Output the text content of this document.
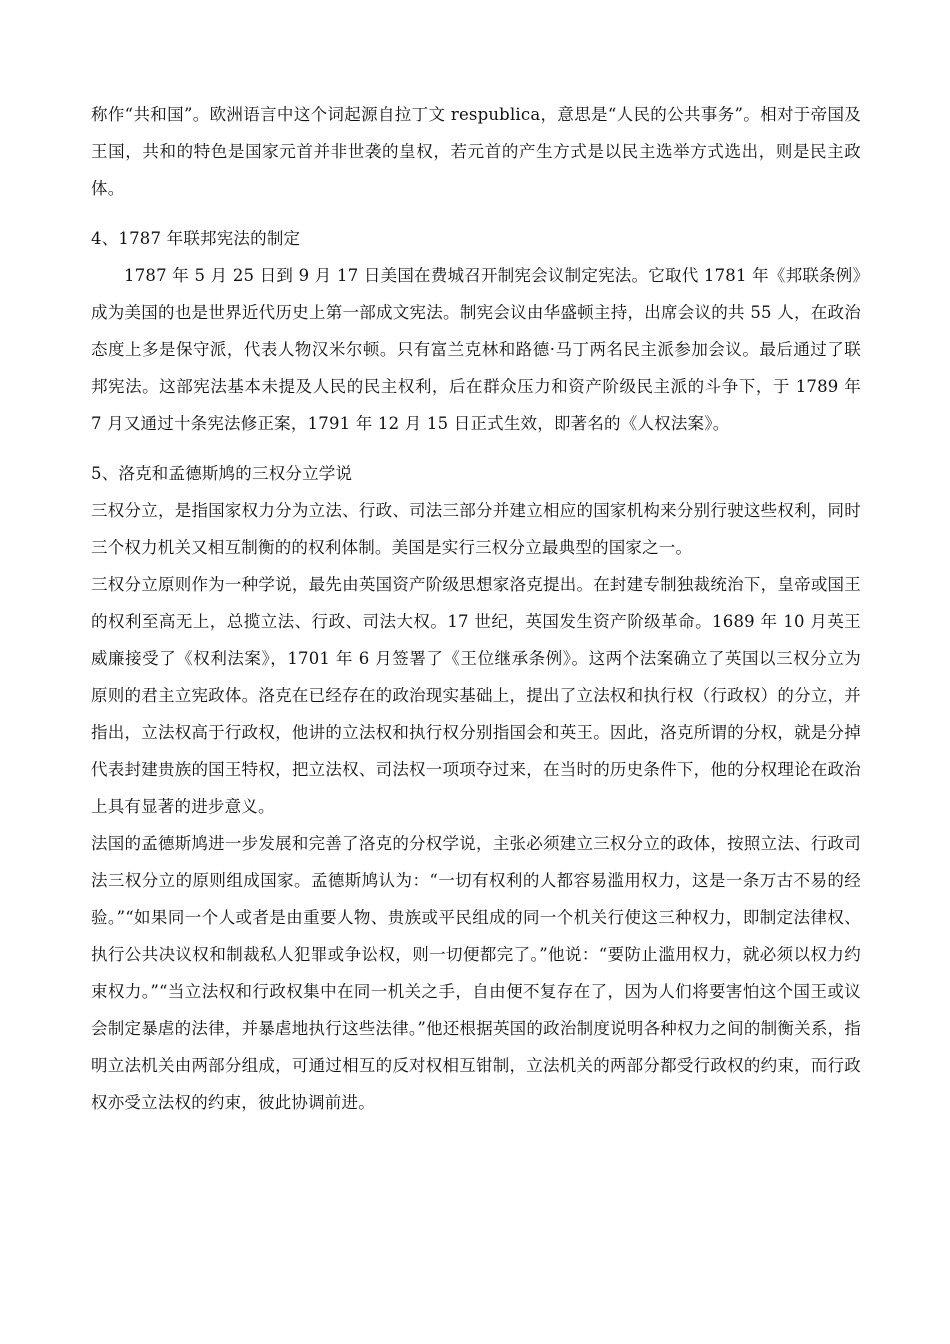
称作“共和国”。欧洲语言中这个词起源自拉丁文 respublica，意思是“人民的公共事务”。相对于帝国及王国，共和的特色是国家元首并非世袭的皇权，若元首的产生方式是以民主选举方式选出，则是民主政体。

4、1787 年联邦宪法的制定

1787 年 5 月 25 日到 9 月 17 日美国在费城召开制宪会议制定宪法。它取代 1781 年《邦联条例》成为美国的也是世界近代历史上第一部成文宪法。制宪会议由华盛顿主持，出席会议的共 55 人，在政治态度上多是保守派，代表人物汉米尔顿。只有富兰克林和路德·马丁两名民主派参加会议。最后通过了联邦宪法。这部宪法基本未提及人民的民主权利，后在群众压力和资产阶级民主派的斗争下，于 1789 年 7 月又通过十条宪法修正案，1791 年 12 月 15 日正式生效，即著名的《人权法案》。

5、洛克和孟德斯鸠的三权分立学说

三权分立，是指国家权力分为立法、行政、司法三部分并建立相应的国家机构来分别行驶这些权利，同时三个权力机关又相互制衡的的权利体制。美国是实行三权分立最典型的国家之一。

三权分立原则作为一种学说，最先由英国资产阶级思想家洛克提出。在封建专制独裁统治下，皇帝或国王的权利至高无上，总揽立法、行政、司法大权。17 世纪，英国发生资产阶级革命。1689 年 10 月英王威廉接受了《权利法案》，1701 年 6 月签署了《王位继承条例》。这两个法案确立了英国以三权分立为原则的君主立宪政体。洛克在已经存在的政治现实基础上，提出了立法权和执行权（行政权）的分立，并指出，立法权高于行政权，他讲的立法权和执行权分别指国会和英王。因此，洛克所谓的分权，就是分掉代表封建贵族的国王特权，把立法权、司法权一项项夺过来，在当时的历史条件下，他的分权理论在政治上具有显著的进步意义。

法国的孟德斯鸠进一步发展和完善了洛克的分权学说，主张必须建立三权分立的政体，按照立法、行政司法三权分立的原则组成国家。孟德斯鸠认为：“一切有权利的人都容易滥用权力，这是一条万古不易的经验。”“如果同一个人或者是由重要人物、贵族或平民组成的同一个机关行使这三种权力，即制定法律权、执行公共决议权和制裁私人犯罪或争讼权，则一切便都完了。”他说：“要防止滥用权力，就必须以权力约束权力。”“当立法权和行政权集中在同一机关之手，自由便不复存在了，因为人们将要害怕这个国王或议会制定暴虐的法律，并暴虐地执行这些法律。”他还根据英国的政治制度说明各种权力之间的制衡关系，指明立法机关由两部分组成，可通过相互的反对权相互钳制，立法机关的两部分都受行政权的约束，而行政权亦受立法权的约束，彼此协调前进。
